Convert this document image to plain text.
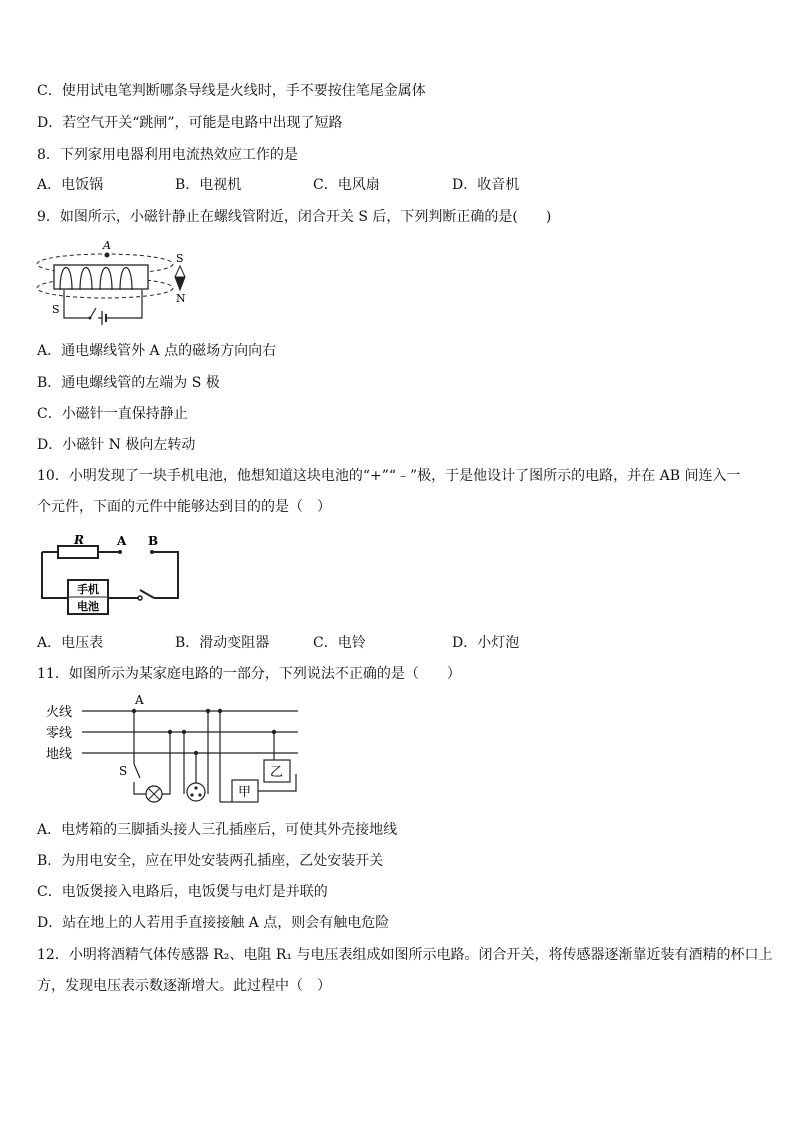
C．使用试电笔判断哪条导线是火线时，手不要按住笔尾金属体
D．若空气开关“跳闸”，可能是电路中出现了短路
8．下列家用电器利用电流热效应工作的是
A．电饭锅	B．电视机	C．电风扇	D．收音机
9．如图所示，小磁针静止在螺线管附近，闭合开关 S 后，下列判断正确的是(　　)
A
S
S
N
A．通电螺线管外 A 点的磁场方向向右
B．通电螺线管的左端为 S 极
C．小磁针一直保持静止
D．小磁针 N 极向左转动
10．小明发现了一块手机电池，他想知道这块电池的“+”“﹣”极，于是他设计了图所示的电路，并在 AB 间连入一
个元件，下面的元件中能够达到目的的是（　）
R	A B
手机
电池
A．电压表	B．滑动变阻器	C．电铃	D．小灯泡
11．如图所示为某家庭电路的一部分，下列说法不正确的是（　　）
火线
零线
地线
A
S
甲
乙
A．电烤箱的三脚插头接人三孔插座后，可使其外壳接地线
B．为用电安全，应在甲处安装两孔插座，乙处安装开关
C．电饭煲接入电路后，电饭煲与电灯是并联的
D．站在地上的人若用手直接接触 A 点，则会有触电危险
12．小明将酒精气体传感器 R₂、电阻 R₁ 与电压表组成如图所示电路。闭合开关，将传感器逐渐靠近装有酒精的杯口上
方，发现电压表示数逐渐增大。此过程中（　）
